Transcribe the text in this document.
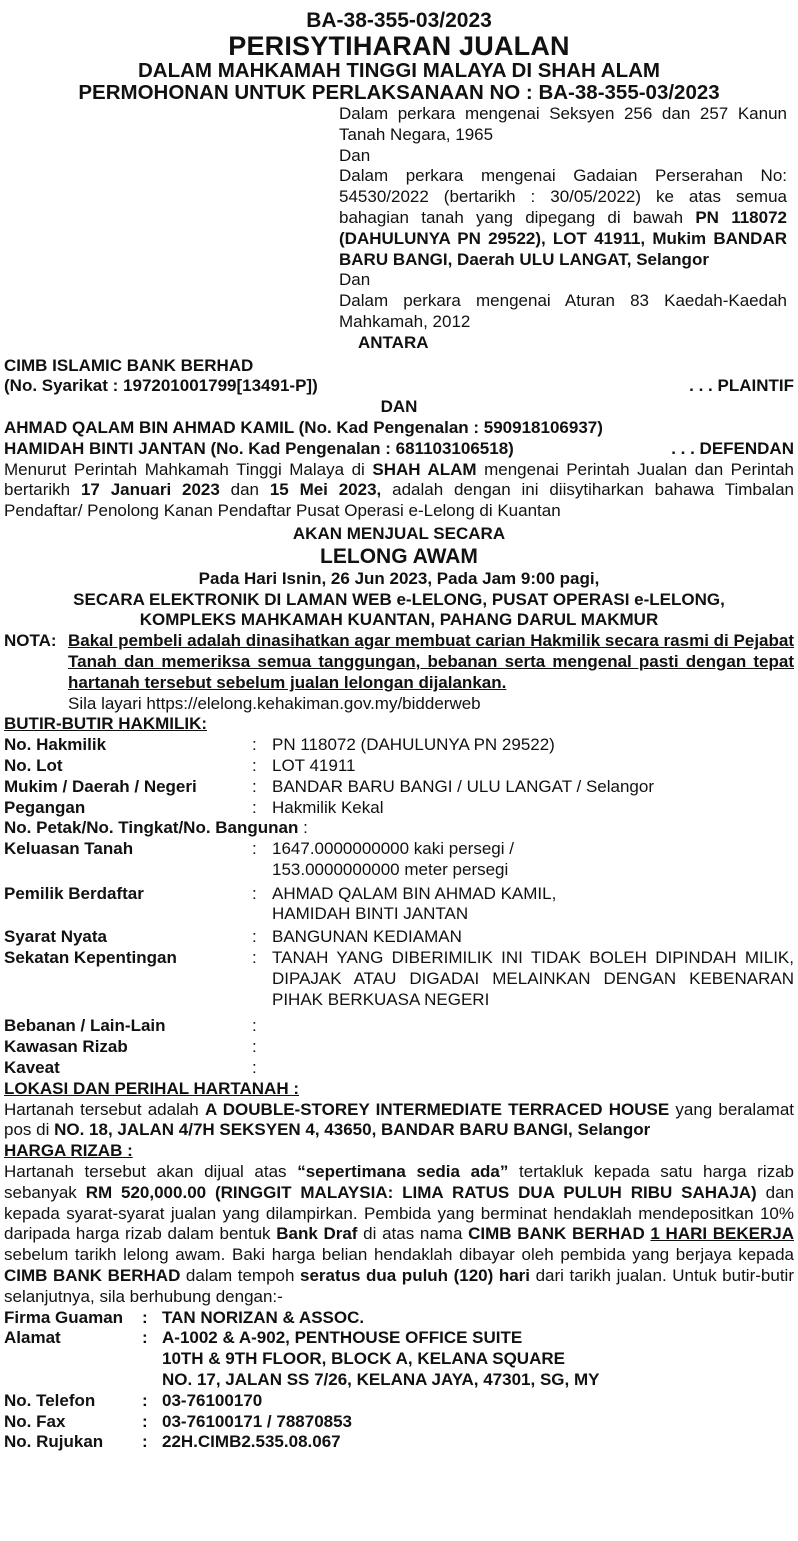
BA-38-355-03/2023
PERISYTIHARAN JUALAN
DALAM MAHKAMAH TINGGI MALAYA DI SHAH ALAM
PERMOHONAN UNTUK PERLAKSANAAN NO : BA-38-355-03/2023
Dalam perkara mengenai Seksyen 256 dan 257 Kanun Tanah Negara, 1965
Dan
Dalam perkara mengenai Gadaian Perserahan No: 54530/2022 (bertarikh : 30/05/2022) ke atas semua bahagian tanah yang dipegang di bawah PN 118072 (DAHULUNYA PN 29522), LOT 41911, Mukim BANDAR BARU BANGI, Daerah ULU LANGAT, Selangor
Dan
Dalam perkara mengenai Aturan 83 Kaedah-Kaedah Mahkamah, 2012
ANTARA
CIMB ISLAMIC BANK BERHAD
(No. Syarikat : 197201001799[13491-P])	. . . PLAINTIF
DAN
AHMAD QALAM BIN AHMAD KAMIL (No. Kad Pengenalan : 590918106937)
HAMIDAH BINTI JANTAN (No. Kad Pengenalan : 681103106518)	. . . DEFENDAN
Menurut Perintah Mahkamah Tinggi Malaya di SHAH ALAM mengenai Perintah Jualan dan Perintah bertarikh 17 Januari 2023 dan 15 Mei 2023, adalah dengan ini diisytiharkan bahawa Timbalan Pendaftar/ Penolong Kanan Pendaftar Pusat Operasi e-Lelong di Kuantan
AKAN MENJUAL SECARA
LELONG AWAM
Pada Hari Isnin, 26 Jun 2023, Pada Jam 9:00 pagi,
SECARA ELEKTRONIK DI LAMAN WEB e-LELONG, PUSAT OPERASI e-LELONG,
KOMPLEKS MAHKAMAH KUANTAN, PAHANG DARUL MAKMUR
NOTA: Bakal pembeli adalah dinasihatkan agar membuat carian Hakmilik secara rasmi di Pejabat Tanah dan memeriksa semua tanggungan, bebanan serta mengenal pasti dengan tepat hartanah tersebut sebelum jualan lelongan dijalankan.
Sila layari https://elelong.kehakiman.gov.my/bidderweb
BUTIR-BUTIR HAKMILIK:
No. Hakmilik	: PN 118072 (DAHULUNYA PN 29522)
No. Lot	: LOT 41911
Mukim / Daerah / Negeri	: BANDAR BARU BANGI / ULU LANGAT / Selangor
Pegangan	: Hakmilik Kekal
No. Petak/No. Tingkat/No. Bangunan :
Keluasan Tanah	: 1647.0000000000 kaki persegi /
153.0000000000 meter persegi
Pemilik Berdaftar	: AHMAD QALAM BIN AHMAD KAMIL,
HAMIDAH BINTI JANTAN
Syarat Nyata	: BANGUNAN KEDIAMAN
Sekatan Kepentingan	: TANAH YANG DIBERIMILIK INI TIDAK BOLEH DIPINDAH MILIK, DIPAJAK ATAU DIGADAI MELAINKAN DENGAN KEBENARAN PIHAK BERKUASA NEGERI
Bebanan / Lain-Lain	:
Kawasan Rizab	:
Kaveat	:
LOKASI DAN PERIHAL HARTANAH :
Hartanah tersebut adalah A DOUBLE-STOREY INTERMEDIATE TERRACED HOUSE yang beralamat pos di NO. 18, JALAN 4/7H SEKSYEN 4, 43650, BANDAR BARU BANGI, Selangor
HARGA RIZAB :
Hartanah tersebut akan dijual atas “sepertimana sedia ada” tertakluk kepada satu harga rizab sebanyak RM 520,000.00 (RINGGIT MALAYSIA: LIMA RATUS DUA PULUH RIBU SAHAJA) dan kepada syarat-syarat jualan yang dilampirkan. Pembida yang berminat hendaklah mendepositkan 10% daripada harga rizab dalam bentuk Bank Draf di atas nama CIMB BANK BERHAD 1 HARI BEKERJA sebelum tarikh lelong awam. Baki harga belian hendaklah dibayar oleh pembida yang berjaya kepada CIMB BANK BERHAD dalam tempoh seratus dua puluh (120) hari dari tarikh jualan. Untuk butir-butir selanjutnya, sila berhubung dengan:-
Firma Guaman	: TAN NORIZAN & ASSOC.
Alamat	: A-1002 & A-902, PENTHOUSE OFFICE SUITE
10TH & 9TH FLOOR, BLOCK A, KELANA SQUARE
NO. 17, JALAN SS 7/26, KELANA JAYA, 47301, SG, MY
No. Telefon	: 03-76100170
No. Fax	: 03-76100171 / 78870853
No. Rujukan	: 22H.CIMB2.535.08.067
